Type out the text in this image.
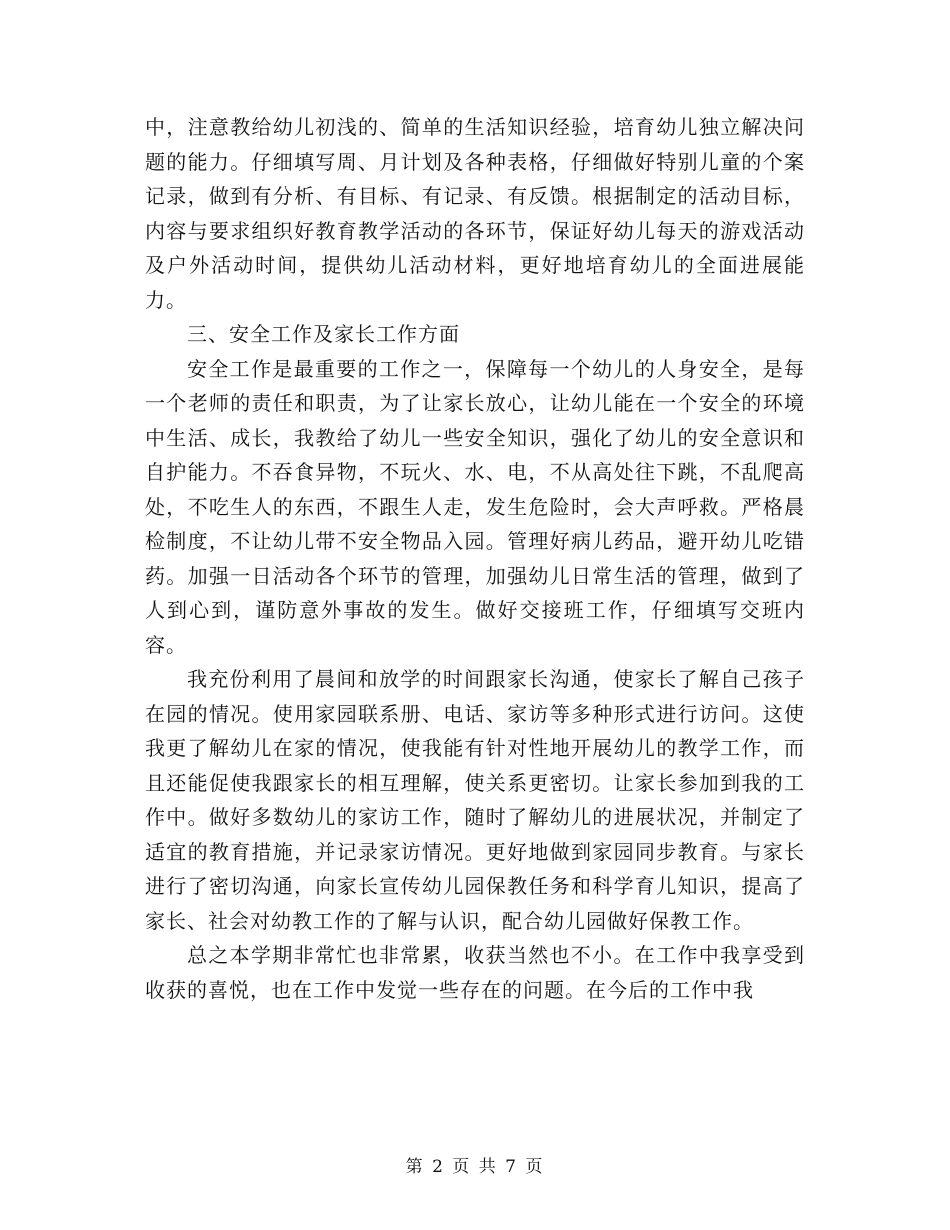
中，注意教给幼儿初浅的、简单的生活知识经验，培育幼儿独立解决问题的能力。仔细填写周、月计划及各种表格，仔细做好特别儿童的个案记录，做到有分析、有目标、有记录、有反馈。根据制定的活动目标，内容与要求组织好教育教学活动的各环节，保证好幼儿每天的游戏活动及户外活动时间，提供幼儿活动材料，更好地培育幼儿的全面进展能力。

三、安全工作及家长工作方面

安全工作是最重要的工作之一，保障每一个幼儿的人身安全，是每一个老师的责任和职责，为了让家长放心，让幼儿能在一个安全的环境中生活、成长，我教给了幼儿一些安全知识，强化了幼儿的安全意识和自护能力。不吞食异物，不玩火、水、电，不从高处往下跳，不乱爬高处，不吃生人的东西，不跟生人走，发生危险时，会大声呼救。严格晨检制度，不让幼儿带不安全物品入园。管理好病儿药品，避开幼儿吃错药。加强一日活动各个环节的管理，加强幼儿日常生活的管理，做到了人到心到，谨防意外事故的发生。做好交接班工作，仔细填写交班内容。

我充份利用了晨间和放学的时间跟家长沟通，使家长了解自己孩子在园的情况。使用家园联系册、电话、家访等多种形式进行访问。这使我更了解幼儿在家的情况，使我能有针对性地开展幼儿的教学工作，而且还能促使我跟家长的相互理解，使关系更密切。让家长参加到我的工作中。做好多数幼儿的家访工作，随时了解幼儿的进展状况，并制定了适宜的教育措施，并记录家访情况。更好地做到家园同步教育。与家长进行了密切沟通，向家长宣传幼儿园保教任务和科学育儿知识，提高了家长、社会对幼教工作的了解与认识，配合幼儿园做好保教工作。

总之本学期非常忙也非常累，收获当然也不小。在工作中我享受到收获的喜悦，也在工作中发觉一些存在的问题。在今后的工作中我

第 2 页 共 7 页
